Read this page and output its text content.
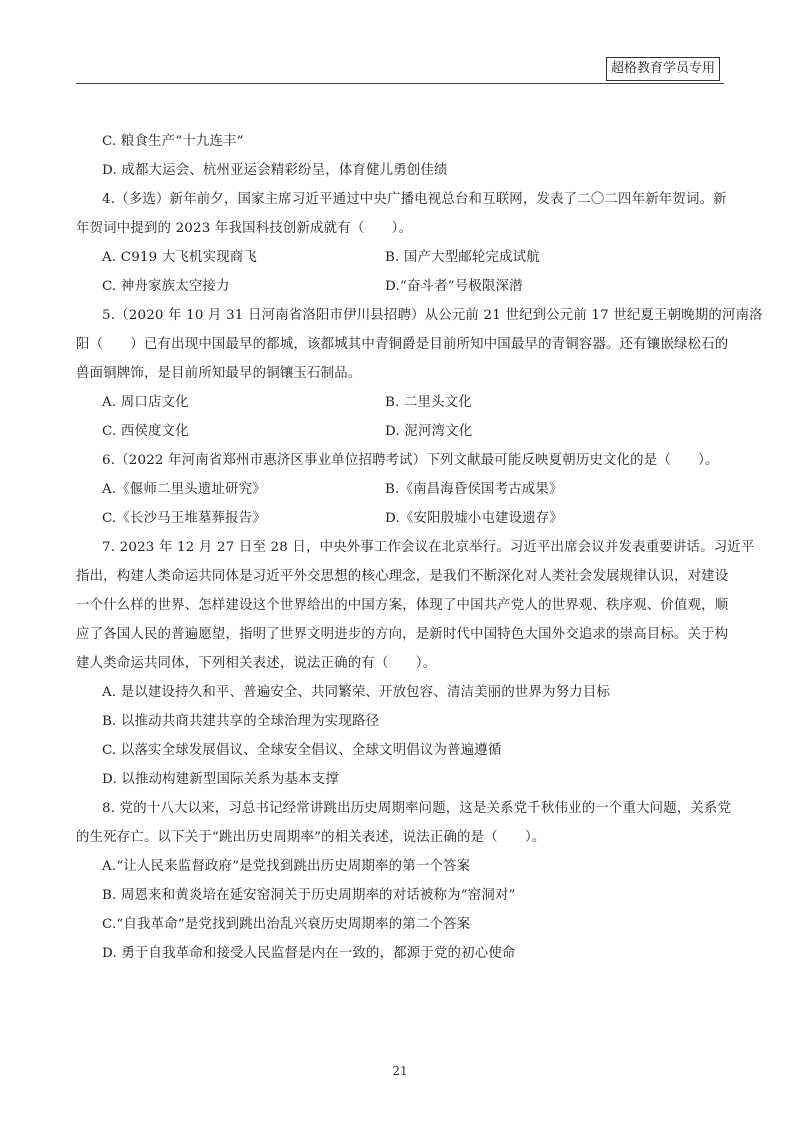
超格教育学员专用
C. 粮食生产“十九连丰”
D. 成都大运会、杭州亚运会精彩纷呈，体育健儿勇创佳绩
4.（多选）新年前夕，国家主席习近平通过中央广播电视总台和互联网，发表了二〇二四年新年贺词。新
年贺词中提到的 2023 年我国科技创新成就有（　　）。
A. C919 大飞机实现商飞	B. 国产大型邮轮完成试航
C. 神舟家族太空接力	D.“奋斗者”号极限深潜
5.（2020 年 10 月 31 日河南省洛阳市伊川县招聘）从公元前 21 世纪到公元前 17 世纪夏王朝晚期的河南洛
阳（　　）已有出现中国最早的都城，该都城其中青铜爵是目前所知中国最早的青铜容器。还有镶嵌绿松石的
兽面铜牌饰，是目前所知最早的铜镶玉石制品。
A. 周口店文化	B. 二里头文化
C. 西侯度文化	D. 泥河湾文化
6.（2022 年河南省郑州市惠济区事业单位招聘考试）下列文献最可能反映夏朝历史文化的是（　　）。
A.《偃师二里头遗址研究》	B.《南昌海昏侯国考古成果》
C.《长沙马王堆墓葬报告》	D.《安阳殷墟小屯建设遗存》
7. 2023 年 12 月 27 日至 28 日，中央外事工作会议在北京举行。习近平出席会议并发表重要讲话。习近平
指出，构建人类命运共同体是习近平外交思想的核心理念，是我们不断深化对人类社会发展规律认识，对建设
一个什么样的世界、怎样建设这个世界给出的中国方案，体现了中国共产党人的世界观、秩序观、价值观，顺
应了各国人民的普遍愿望，指明了世界文明进步的方向，是新时代中国特色大国外交追求的崇高目标。关于构
建人类命运共同体，下列相关表述，说法正确的有（　　）。
A. 是以建设持久和平、普遍安全、共同繁荣、开放包容、清洁美丽的世界为努力目标
B. 以推动共商共建共享的全球治理为实现路径
C. 以落实全球发展倡议、全球安全倡议、全球文明倡议为普遍遵循
D. 以推动构建新型国际关系为基本支撑
8. 党的十八大以来，习总书记经常讲跳出历史周期率问题，这是关系党千秋伟业的一个重大问题，关系党
的生死存亡。以下关于“跳出历史周期率”的相关表述，说法正确的是（　　）。
A.“让人民来监督政府”是党找到跳出历史周期率的第一个答案
B. 周恩来和黄炎培在延安窑洞关于历史周期率的对话被称为“窑洞对”
C.“自我革命”是党找到跳出治乱兴衰历史周期率的第二个答案
D. 勇于自我革命和接受人民监督是内在一致的，都源于党的初心使命
21
